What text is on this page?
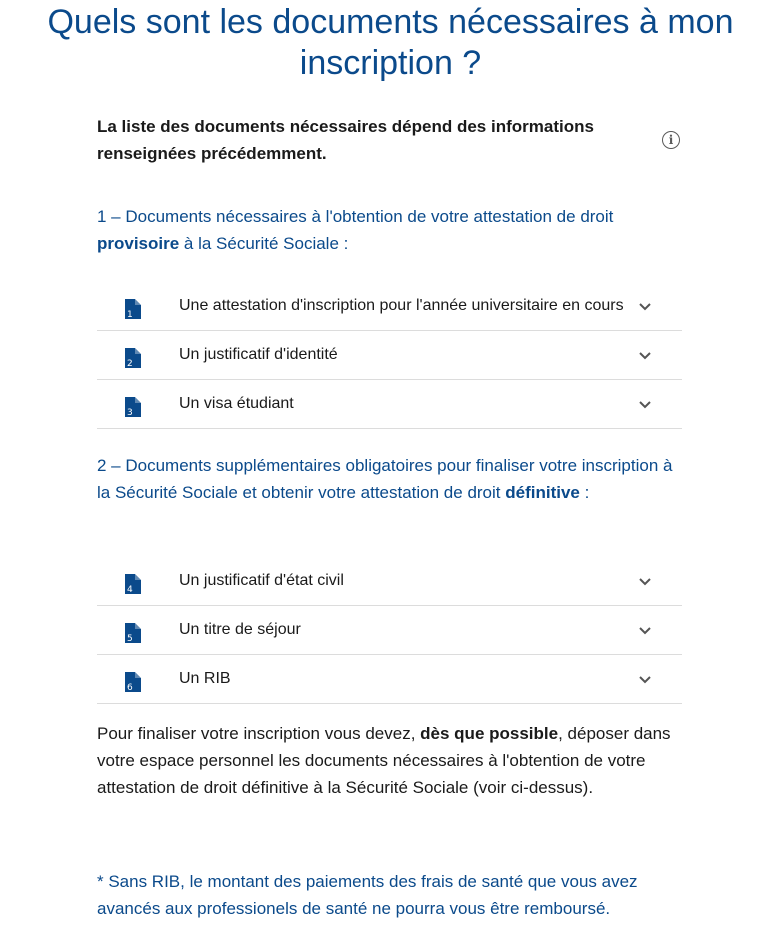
Quels sont les documents nécessaires à mon inscription ?
La liste des documents nécessaires dépend des informations renseignées précédemment.
i

1 – Documents nécessaires à l'obtention de votre attestation de droit provisoire à la Sécurité Sociale :

1
Une attestation d'inscription pour l'année universitaire en cours
2
Un justificatif d'identité
3
Un visa étudiant

2 – Documents supplémentaires obligatoires pour finaliser votre inscription à la Sécurité Sociale et obtenir votre attestation de droit définitive :

4
Un justificatif d'état civil
5
Un titre de séjour
6
Un RIB

Pour finaliser votre inscription vous devez, dès que possible, déposer dans votre espace personnel les documents nécessaires à l'obtention de votre attestation de droit définitive à la Sécurité Sociale (voir ci-dessus).

* Sans RIB, le montant des paiements des frais de santé que vous avez avancés aux professionels de santé ne pourra vous être remboursé.
